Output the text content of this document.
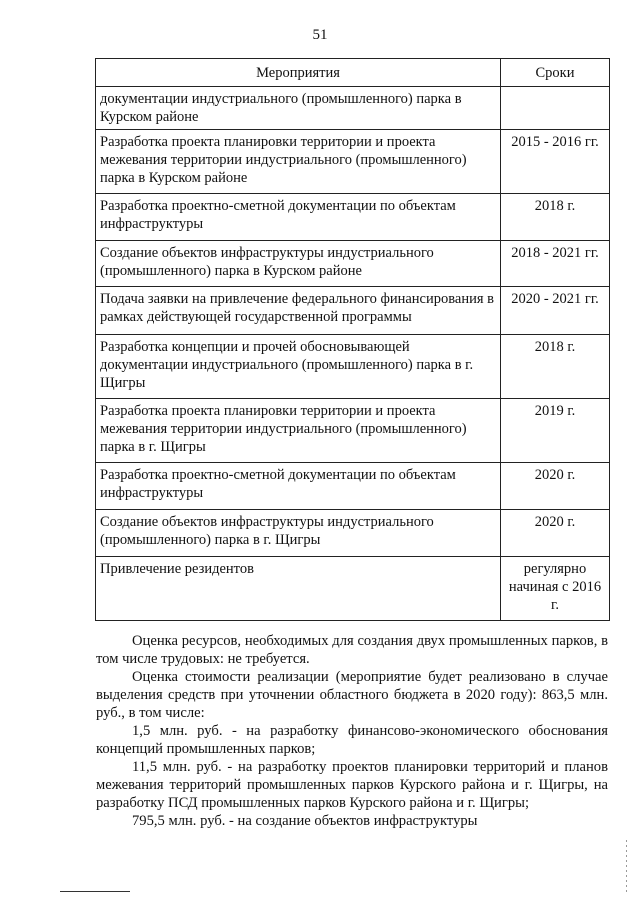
51
Мероприятия	Сроки
документации индустриального (промышленного) парка в Курском районе	
Разработка проекта планировки территории и проекта межевания территории индустриального (промышленного) парка в Курском районе	2015 - 2016 гг.
Разработка проектно-сметной документации по объектам инфраструктуры	2018 г.
Создание объектов инфраструктуры индустриального (промышленного) парка в Курском районе	2018 - 2021 гг.
Подача заявки на привлечение федерального финансирования в рамках действующей государственной программы	2020 - 2021 гг.
Разработка концепции и прочей обосновывающей документации индустриального (промышленного) парка в г. Щигры	2018 г.
Разработка проекта планировки территории и проекта межевания территории индустриального (промышленного) парка в г. Щигры	2019 г.
Разработка проектно-сметной документации по объектам инфраструктуры	2020 г.
Создание объектов инфраструктуры индустриального (промышленного) парка в г. Щигры	2020 г.
Привлечение резидентов	регулярно начиная с 2016 г.

Оценка ресурсов, необходимых для создания двух промышленных парков, в том числе трудовых: не требуется.

Оценка стоимости реализации (мероприятие будет реализовано в случае выделения средств при уточнении областного бюджета в 2020 году): 863,5 млн. руб., в том числе:

1,5 млн. руб. - на разработку финансово-экономического обоснования концепций промышленных парков;

11,5 млн. руб. - на разработку проектов планировки территорий и планов межевания территорий промышленных парков Курского района и г. Щигры, на разработку ПСД промышленных парков Курского района и г. Щигры;

795,5 млн. руб. - на создание объектов инфраструктуры
